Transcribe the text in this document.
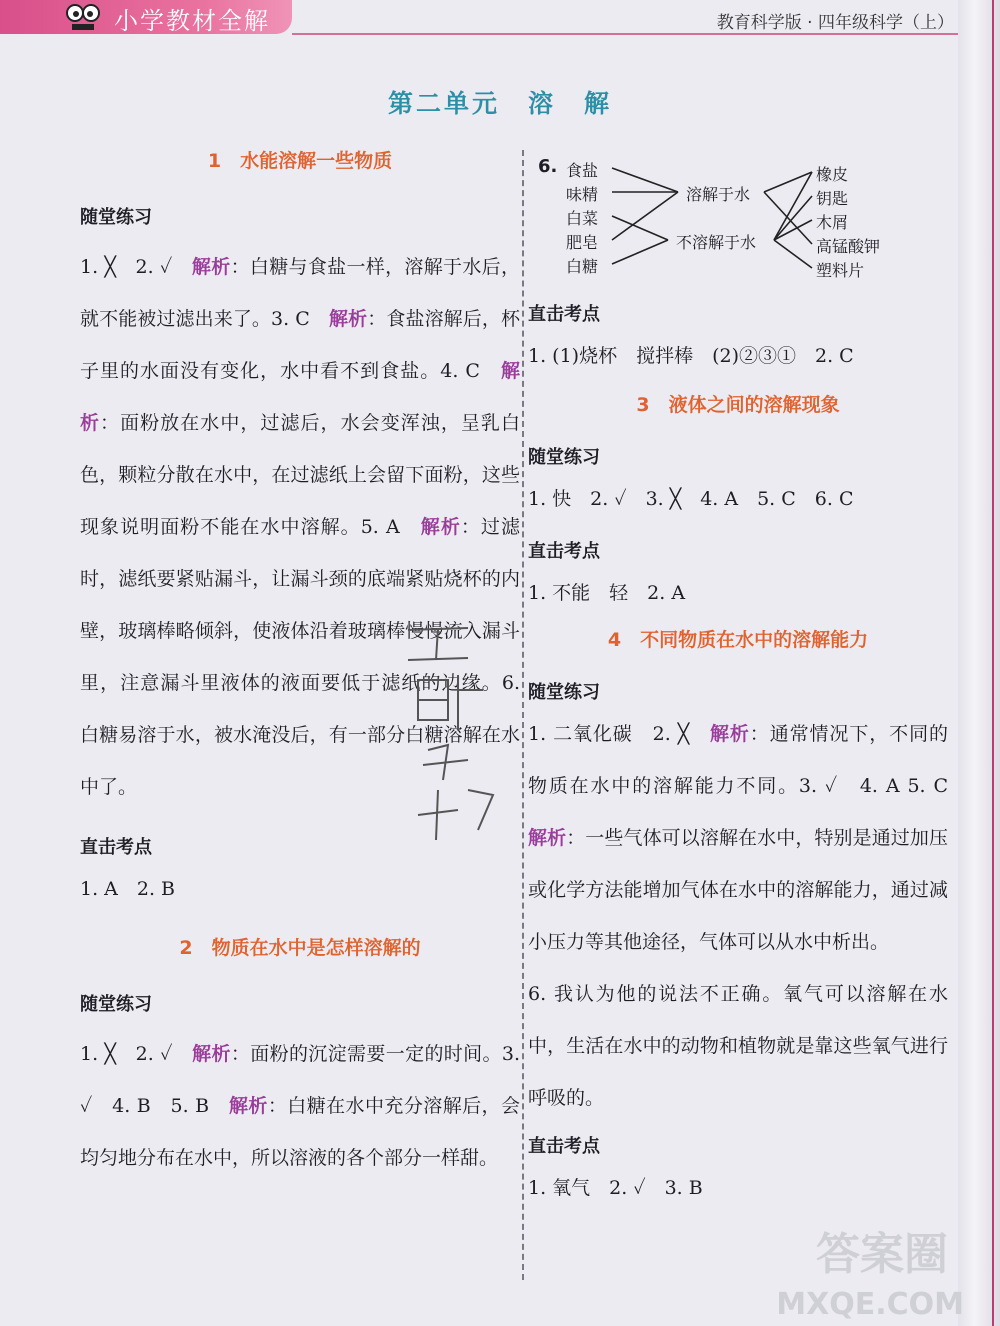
小学教材全解	教育科学版 · 四年级科学（上）
第二单元　溶　解

1　水能溶解一些物质

随堂练习

1. ╳　2. ✓　解析：白糖与食盐一样，溶解于水后，就不能被过滤出来了。3. C　解析：食盐溶解后，杯子里的水面没有变化，水中看不到食盐。4. C　解析：面粉放在水中，过滤后，水会变浑浊，呈乳白色，颗粒分散在水中，在过滤纸上会留下面粉，这些现象说明面粉不能在水中溶解。5. A　解析：过滤时，滤纸要紧贴漏斗，让漏斗颈的底端紧贴烧杯的内壁，玻璃棒略倾斜，使液体沿着玻璃棒慢慢流入漏斗里，注意漏斗里液体的液面要低于滤纸的边缘。6. 白糖易溶于水，被水淹没后，有一部分白糖溶解在水中了。

直击考点

1. A　2. B

2　物质在水中是怎样溶解的

随堂练习

1. ╳　2. ✓　解析：面粉的沉淀需要一定的时间。3. ✓　4. B　5. B　解析：白糖在水中充分溶解后，会均匀地分布在水中，所以溶液的各个部分一样甜。

6. 食盐
味精
白菜
肥皂
白糖
溶解于水
不溶解于水
橡皮
钥匙
木屑
高锰酸钾
塑料片

直击考点

1. (1)烧杯　搅拌棒　(2)②③①　2. C

3　液体之间的溶解现象

随堂练习

1. 快　2. ✓　3. ╳　4. A　5. C　6. C

直击考点

1. 不能　轻　2. A

4　不同物质在水中的溶解能力

随堂练习

1. 二氧化碳　2. ╳　解析：通常情况下，不同的物质在水中的溶解能力不同。3. ✓　4. A 5. C　解析：一些气体可以溶解在水中，特别是通过加压或化学方法能增加气体在水中的溶解能力，通过减小压力等其他途径，气体可以从水中析出。

6. 我认为他的说法不正确。氧气可以溶解在水中，生活在水中的动物和植物就是靠这些氧气进行呼吸的。

直击考点

1. 氧气　2. ✓　3. B

答案圈
MXQE.COM
